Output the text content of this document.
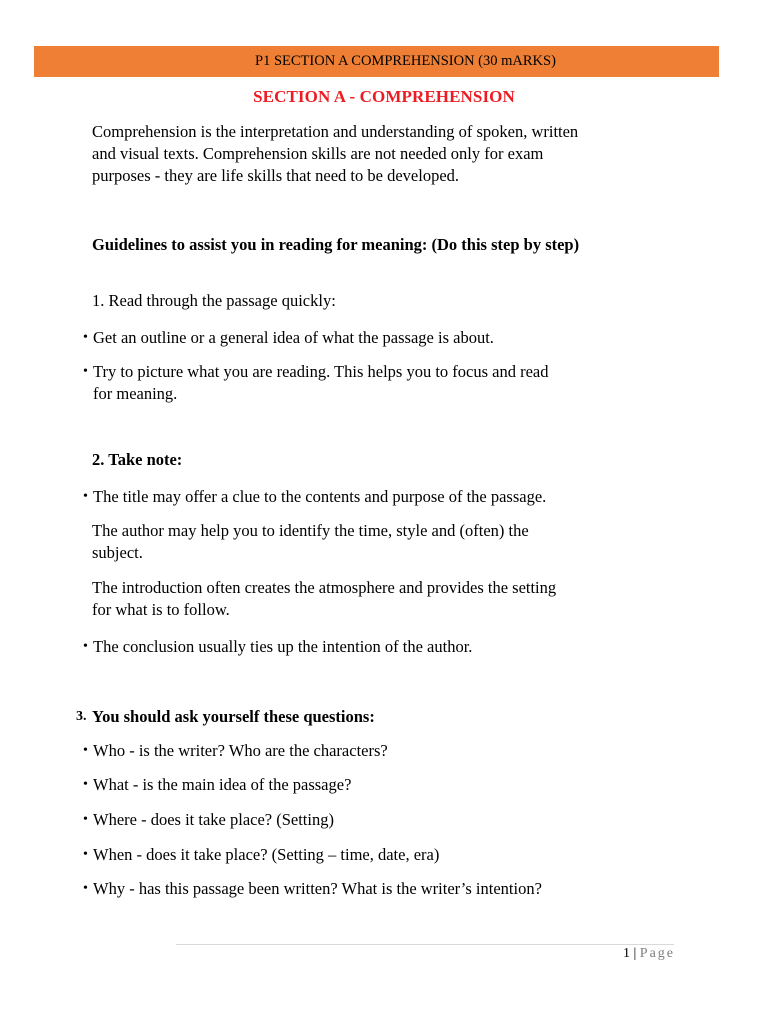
P1 SECTION A COMPREHENSION (30 mARKS)
SECTION A - COMPREHENSION
Comprehension is the interpretation and understanding of spoken, written and visual texts. Comprehension skills are not needed only for exam purposes - they are life skills that need to be developed.
Guidelines to assist you in reading for meaning: (Do this step by step)
1. Read through the passage quickly:
• Get an outline or a general idea of what the passage is about.
• Try to picture what you are reading. This helps you to focus and read for meaning.
2. Take note:
• The title may offer a clue to the contents and purpose of the passage.
The author may help you to identify the time, style and (often) the subject.
The introduction often creates the atmosphere and provides the setting for what is to follow.
• The conclusion usually ties up the intention of the author.
3. You should ask yourself these questions:
• Who - is the writer? Who are the characters?
• What - is the main idea of the passage?
• Where - does it take place? (Setting)
• When - does it take place? (Setting – time, date, era)
• Why - has this passage been written? What is the writer’s intention?
1 | Page
